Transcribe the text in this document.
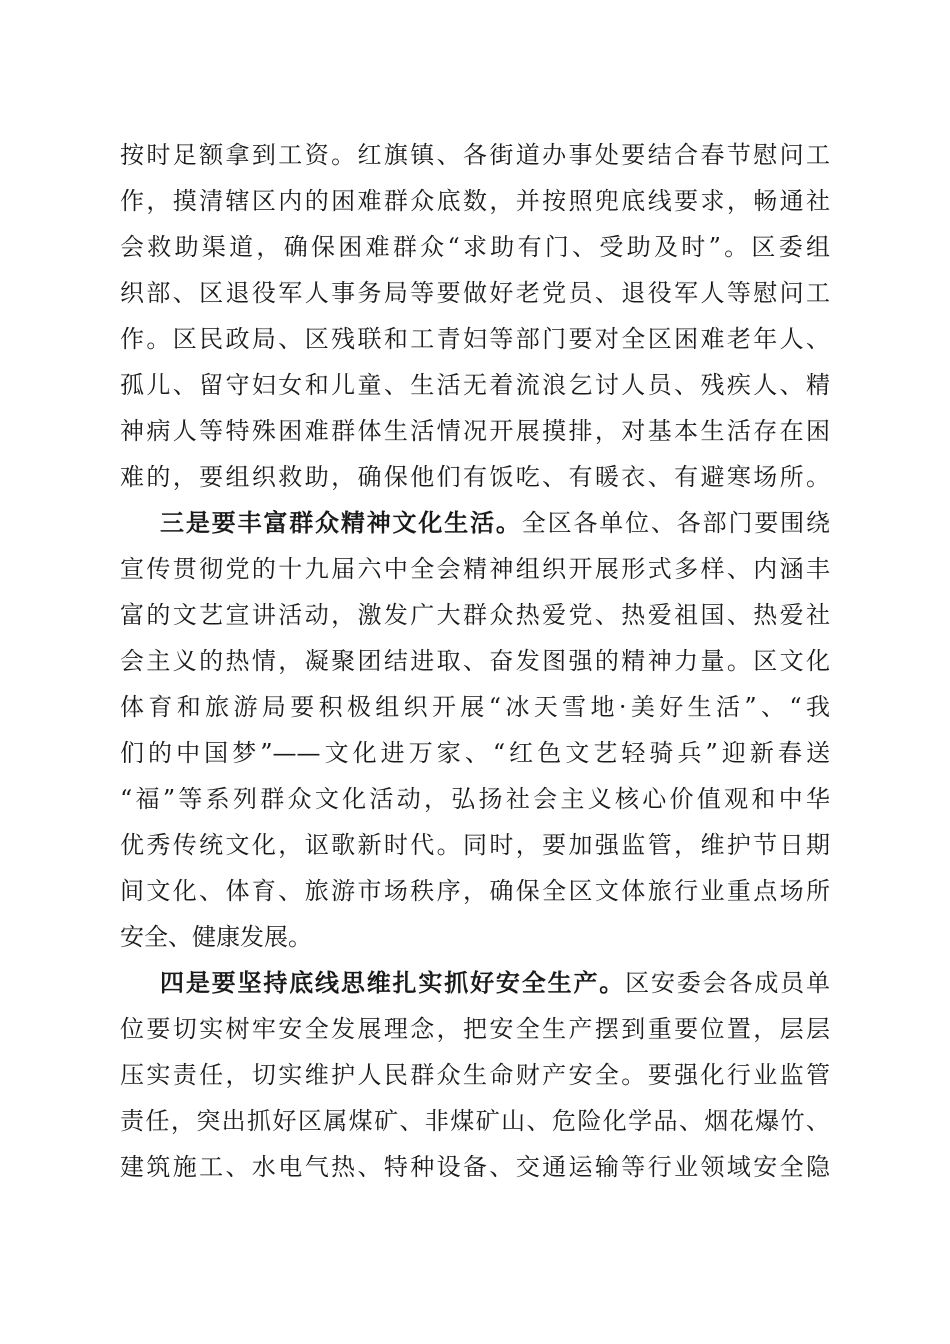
按时足额拿到工资。红旗镇、各街道办事处要结合春节慰问工
作，摸清辖区内的困难群众底数，并按照兜底线要求，畅通社
会救助渠道，确保困难群众“求助有门、受助及时”。区委组
织部、区退役军人事务局等要做好老党员、退役军人等慰问工
作。区民政局、区残联和工青妇等部门要对全区困难老年人、
孤儿、留守妇女和儿童、生活无着流浪乞讨人员、残疾人、精
神病人等特殊困难群体生活情况开展摸排，对基本生活存在困
难的，要组织救助，确保他们有饭吃、有暖衣、有避寒场所。
三是要丰富群众精神文化生活。全区各单位、各部门要围绕
宣传贯彻党的十九届六中全会精神组织开展形式多样、内涵丰
富的文艺宣讲活动，激发广大群众热爱党、热爱祖国、热爱社
会主义的热情，凝聚团结进取、奋发图强的精神力量。区文化
体育和旅游局要积极组织开展“冰天雪地·美好生活”、“我
们的中国梦”——文化进万家、“红色文艺轻骑兵”迎新春送
“福”等系列群众文化活动，弘扬社会主义核心价值观和中华
优秀传统文化，讴歌新时代。同时，要加强监管，维护节日期
间文化、体育、旅游市场秩序，确保全区文体旅行业重点场所
安全、健康发展。
四是要坚持底线思维扎实抓好安全生产。区安委会各成员单
位要切实树牢安全发展理念，把安全生产摆到重要位置，层层
压实责任，切实维护人民群众生命财产安全。要强化行业监管
责任，突出抓好区属煤矿、非煤矿山、危险化学品、烟花爆竹、
建筑施工、水电气热、特种设备、交通运输等行业领域安全隐
